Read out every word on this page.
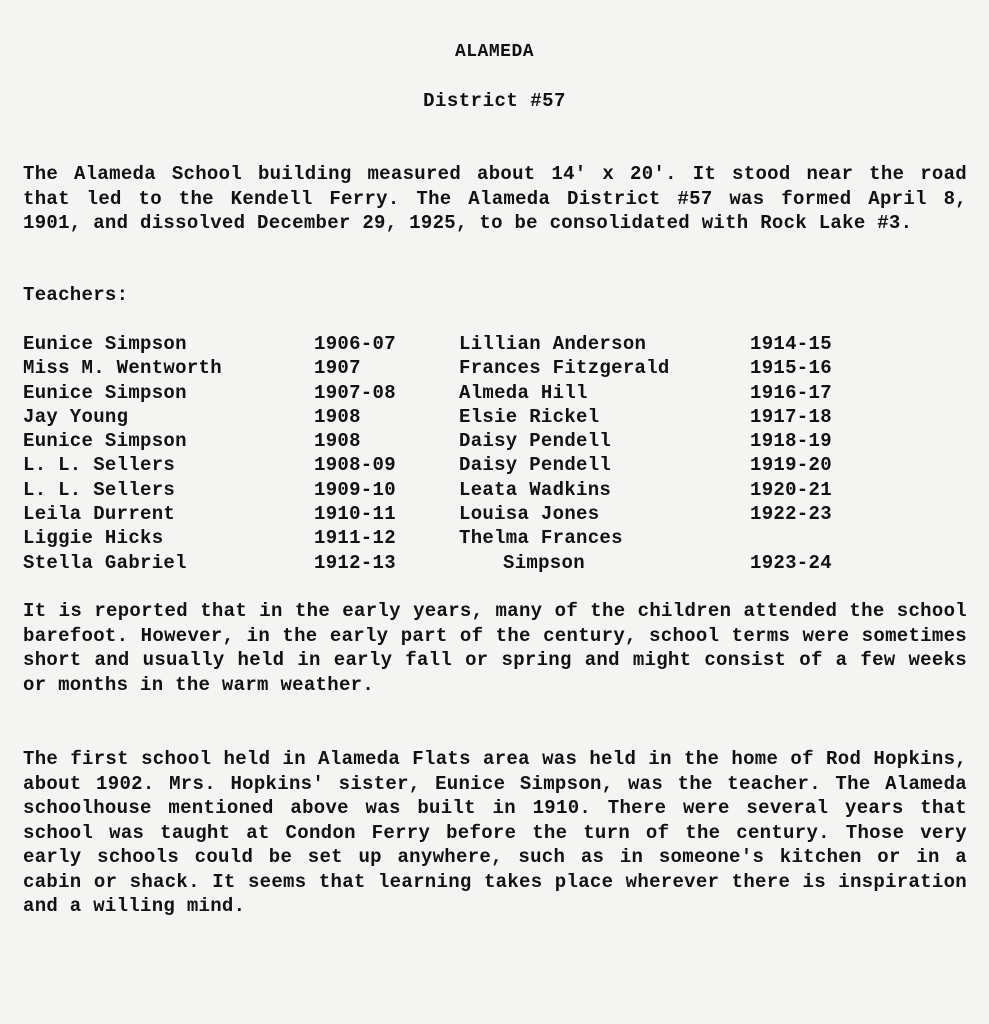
ALAMEDA
District #57
The Alameda School building measured about 14' x 20'. It stood near the road that led to the Kendell Ferry. The Alameda District #57 was formed April 8, 1901, and dissolved December 29, 1925, to be consolidated with Rock Lake #3.
Teachers:
Eunice Simpson	1906-07	Lillian Anderson	1914-15
Miss M. Wentworth	1907	Frances Fitzgerald	1915-16
Eunice Simpson	1907-08	Almeda Hill	1916-17
Jay Young	1908	Elsie Rickel	1917-18
Eunice Simpson	1908	Daisy Pendell	1918-19
L. L. Sellers	1908-09	Daisy Pendell	1919-20
L. L. Sellers	1909-10	Leata Wadkins	1920-21
Leila Durrent	1910-11	Louisa Jones	1922-23
Liggie Hicks	1911-12	Thelma Frances
Stella Gabriel	1912-13	Simpson	1923-24
It is reported that in the early years, many of the children attended the school barefoot. However, in the early part of the century, school terms were sometimes short and usually held in early fall or spring and might consist of a few weeks or months in the warm weather.
The first school held in Alameda Flats area was held in the home of Rod Hopkins, about 1902. Mrs. Hopkins' sister, Eunice Simpson, was the teacher. The Alameda schoolhouse mentioned above was built in 1910. There were several years that school was taught at Condon Ferry before the turn of the century. Those very early schools could be set up anywhere, such as in someone's kitchen or in a cabin or shack. It seems that learning takes place wherever there is inspiration and a willing mind.
